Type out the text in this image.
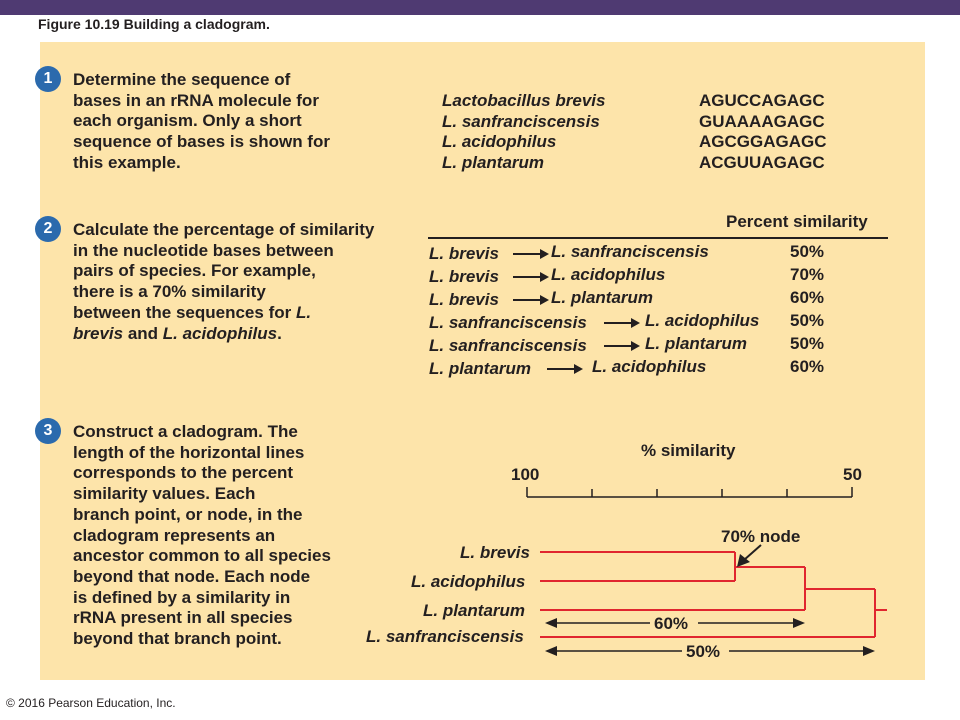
Figure 10.19 Building a cladogram.
1	Determine the sequence of
bases in an rRNA molecule for
each organism. Only a short
sequence of bases is shown for
this example.
Lactobacillus brevis	AGUCCAGAGC
L. sanfranciscensis	GUAAAAGAGC
L. acidophilus	AGCGGAGAGC
L. plantarum	ACGUUAGAGC
2	Calculate the percentage of similarity
in the nucleotide bases between
pairs of species. For example,
there is a 70% similarity
between the sequences for L.
brevis and L. acidophilus.
Percent similarity
L. brevis	L. sanfranciscensis	50%
L. brevis	L. acidophilus	70%
L. brevis	L. plantarum	60%
L. sanfranciscensis	L. acidophilus 50%
L. sanfranciscensis	L. plantarum	50%
L. plantarum	L. acidophilus	60%
3	Construct a cladogram. The
length of the horizontal lines
corresponds to the percent
similarity values. Each
branch point, or node, in the
cladogram represents an
ancestor common to all species
beyond that node. Each node
is defined by a similarity in
rRNA present in all species
beyond that branch point.
% similarity
100	50
L. brevis
L. acidophilus
L. plantarum
L. sanfranciscensis
70% node
60%
50%
© 2016 Pearson Education, Inc.
